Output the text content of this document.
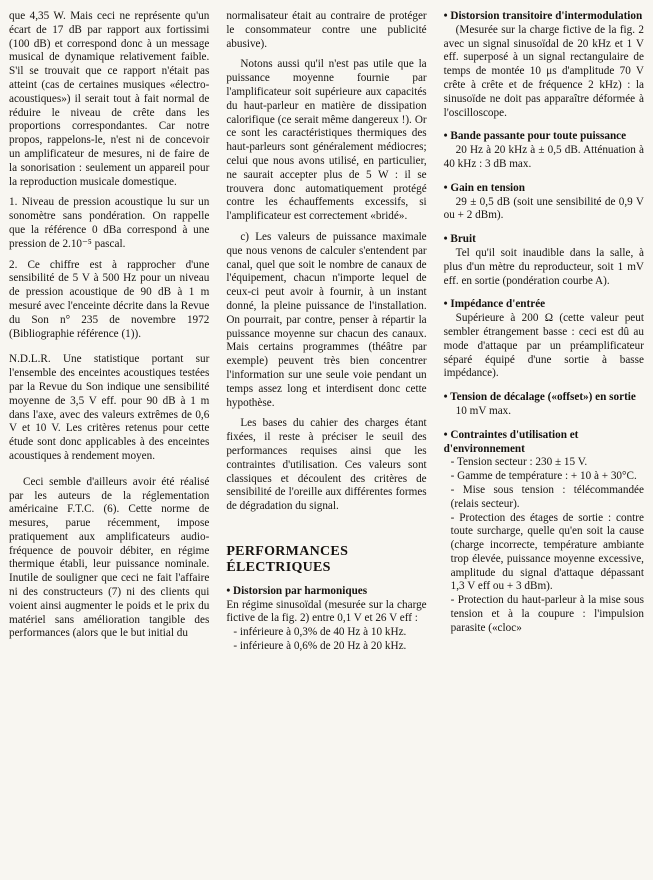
que 4,35 W. Mais ceci ne représente qu'un écart de 17 dB par rapport aux fortissimi (100 dB) et correspond donc à un message musical de dynamique relativement faible. S'il se trouvait que ce rapport n'était pas atteint (cas de certaines musiques «électro-acoustiques») il serait tout à fait normal de réduire le niveau de crête dans les proportions correspondantes. Car notre propos, rappelons-le, n'est ni de concevoir un amplificateur de mesures, ni de faire de la sonorisation : seulement un appareil pour la reproduction musicale domestique.

1. Niveau de pression acoustique lu sur un sonomètre sans pondération. On rappelle que la référence 0 dBa correspond à une pression de 2.10⁻⁵ pascal.

2. Ce chiffre est à rapprocher d'une sensibilité de 5 V à 500 Hz pour un niveau de pression acoustique de 90 dB à 1 m mesuré avec l'enceinte décrite dans la Revue du Son n° 235 de novembre 1972 (Bibliographie référence (1)).

N.D.L.R. Une statistique portant sur l'ensemble des enceintes acoustiques testées par la Revue du Son indique une sensibilité moyenne de 3,5 V eff. pour 90 dB à 1 m dans l'axe, avec des valeurs extrêmes de 0,6 V et 10 V. Les critères retenus pour cette étude sont donc applicables à des enceintes acoustiques à rendement moyen.

Ceci semble d'ailleurs avoir été réalisé par les auteurs de la réglementation américaine F.T.C. (6). Cette norme de mesures, parue récemment, impose pratiquement aux amplificateurs audio-fréquence de pouvoir débiter, en régime thermique établi, leur puissance nominale. Inutile de souligner que ceci ne fait l'affaire ni des constructeurs (7) ni des clients qui voient ainsi augmenter le poids et le prix du matériel sans amélioration tangible des performances (alors que le but initial du

normalisateur était au contraire de protéger le consommateur contre une publicité abusive).

Notons aussi qu'il n'est pas utile que la puissance moyenne fournie par l'amplificateur soit supérieure aux capacités du haut-parleur en matière de dissipation calorifique (ce serait même dangereux !). Or ce sont les caractéristiques thermiques des haut-parleurs sont généralement médiocres; celui que nous avons utilisé, en particulier, ne saurait accepter plus de 5 W : il se trouvera donc automatiquement protégé contre les échauffements excessifs, si l'amplificateur est correctement «bridé».

c) Les valeurs de puissance maximale que nous venons de calculer s'entendent par canal, quel que soit le nombre de canaux de l'équipement, chacun n'importe lequel de ceux-ci peut avoir à fournir, à un instant donné, la pleine puissance de l'installation. On pourrait, par contre, penser à répartir la puissance moyenne sur chacun des canaux. Mais certains programmes (théâtre par exemple) peuvent très bien concentrer l'information sur une seule voie pendant un temps assez long et interdisent donc cette hypothèse.

Les bases du cahier des charges étant fixées, il reste à préciser le seuil des performances requises ainsi que les contraintes d'utilisation. Ces valeurs sont classiques et découlent des critères de sensibilité de l'oreille aux différentes formes de dégradation du signal.

PERFORMANCES ÉLECTRIQUES

• Distorsion par harmoniques

En régime sinusoïdal (mesurée sur la charge fictive de la fig. 2) entre 0,1 V et 26 V eff :

- inférieure à 0,3% de 40 Hz à 10 kHz.

- inférieure à 0,6% de 20 Hz à 20 kHz.

• Distorsion transitoire d'intermodulation

(Mesurée sur la charge fictive de la fig. 2 avec un signal sinusoïdal de 20 kHz et 1 V eff. superposé à un signal rectangulaire de temps de montée 10 μs d'amplitude 70 V crête à crête et de fréquence 2 kHz) : la sinusoïde ne doit pas apparaître déformée à l'oscilloscope.

• Bande passante pour toute puissance

20 Hz à 20 kHz à ± 0,5 dB. Atténuation à 40 kHz : 3 dB max.

• Gain en tension

29 ± 0,5 dB (soit une sensibilité de 0,9 V ou + 2 dBm).

• Bruit

Tel qu'il soit inaudible dans la salle, à plus d'un mètre du reproducteur, soit 1 mV eff. en sortie (pondération courbe A).

• Impédance d'entrée

Supérieure à 200 Ω (cette valeur peut sembler étrangement basse : ceci est dû au mode d'attaque par un préamplificateur séparé équipé d'une sortie à basse impédance).

• Tension de décalage («offset») en sortie

10 mV max.

• Contraintes d'utilisation et d'environnement

- Tension secteur : 230 ± 15 V.

- Gamme de température : + 10 à + 30°C.

- Mise sous tension : télécommandée (relais secteur).

- Protection des étages de sortie : contre toute surcharge, quelle qu'en soit la cause (charge incorrecte, température ambiante trop élevée, puissance moyenne excessive, amplitude du signal d'attaque dépassant 1,3 V eff ou + 3 dBm).

- Protection du haut-parleur à la mise sous tension et à la coupure : l'impulsion parasite («cloc»
